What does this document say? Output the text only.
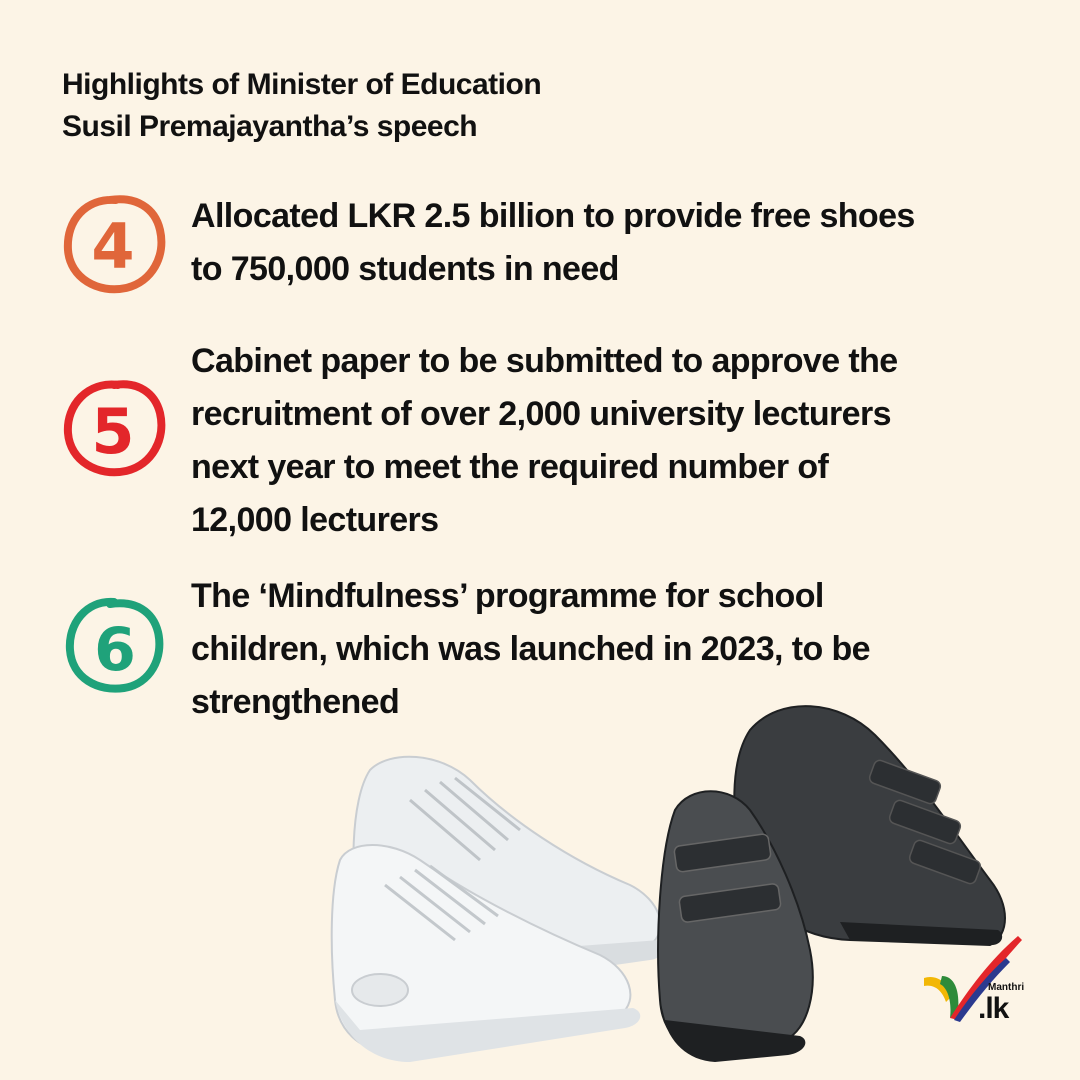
Highlights of Minister of Education
Susil Premajayantha’s speech
4 Allocated LKR 2.5 billion to provide free shoes
to 750,000 students in need
5
Cabinet paper to be submitted to approve the
recruitment of over 2,000 university lecturers
next year to meet the required number of
12,000 lecturers
6
The ‘Mindfulness’ programme for school
children, which was launched in 2023, to be
strengthened
Manthri
.lk
